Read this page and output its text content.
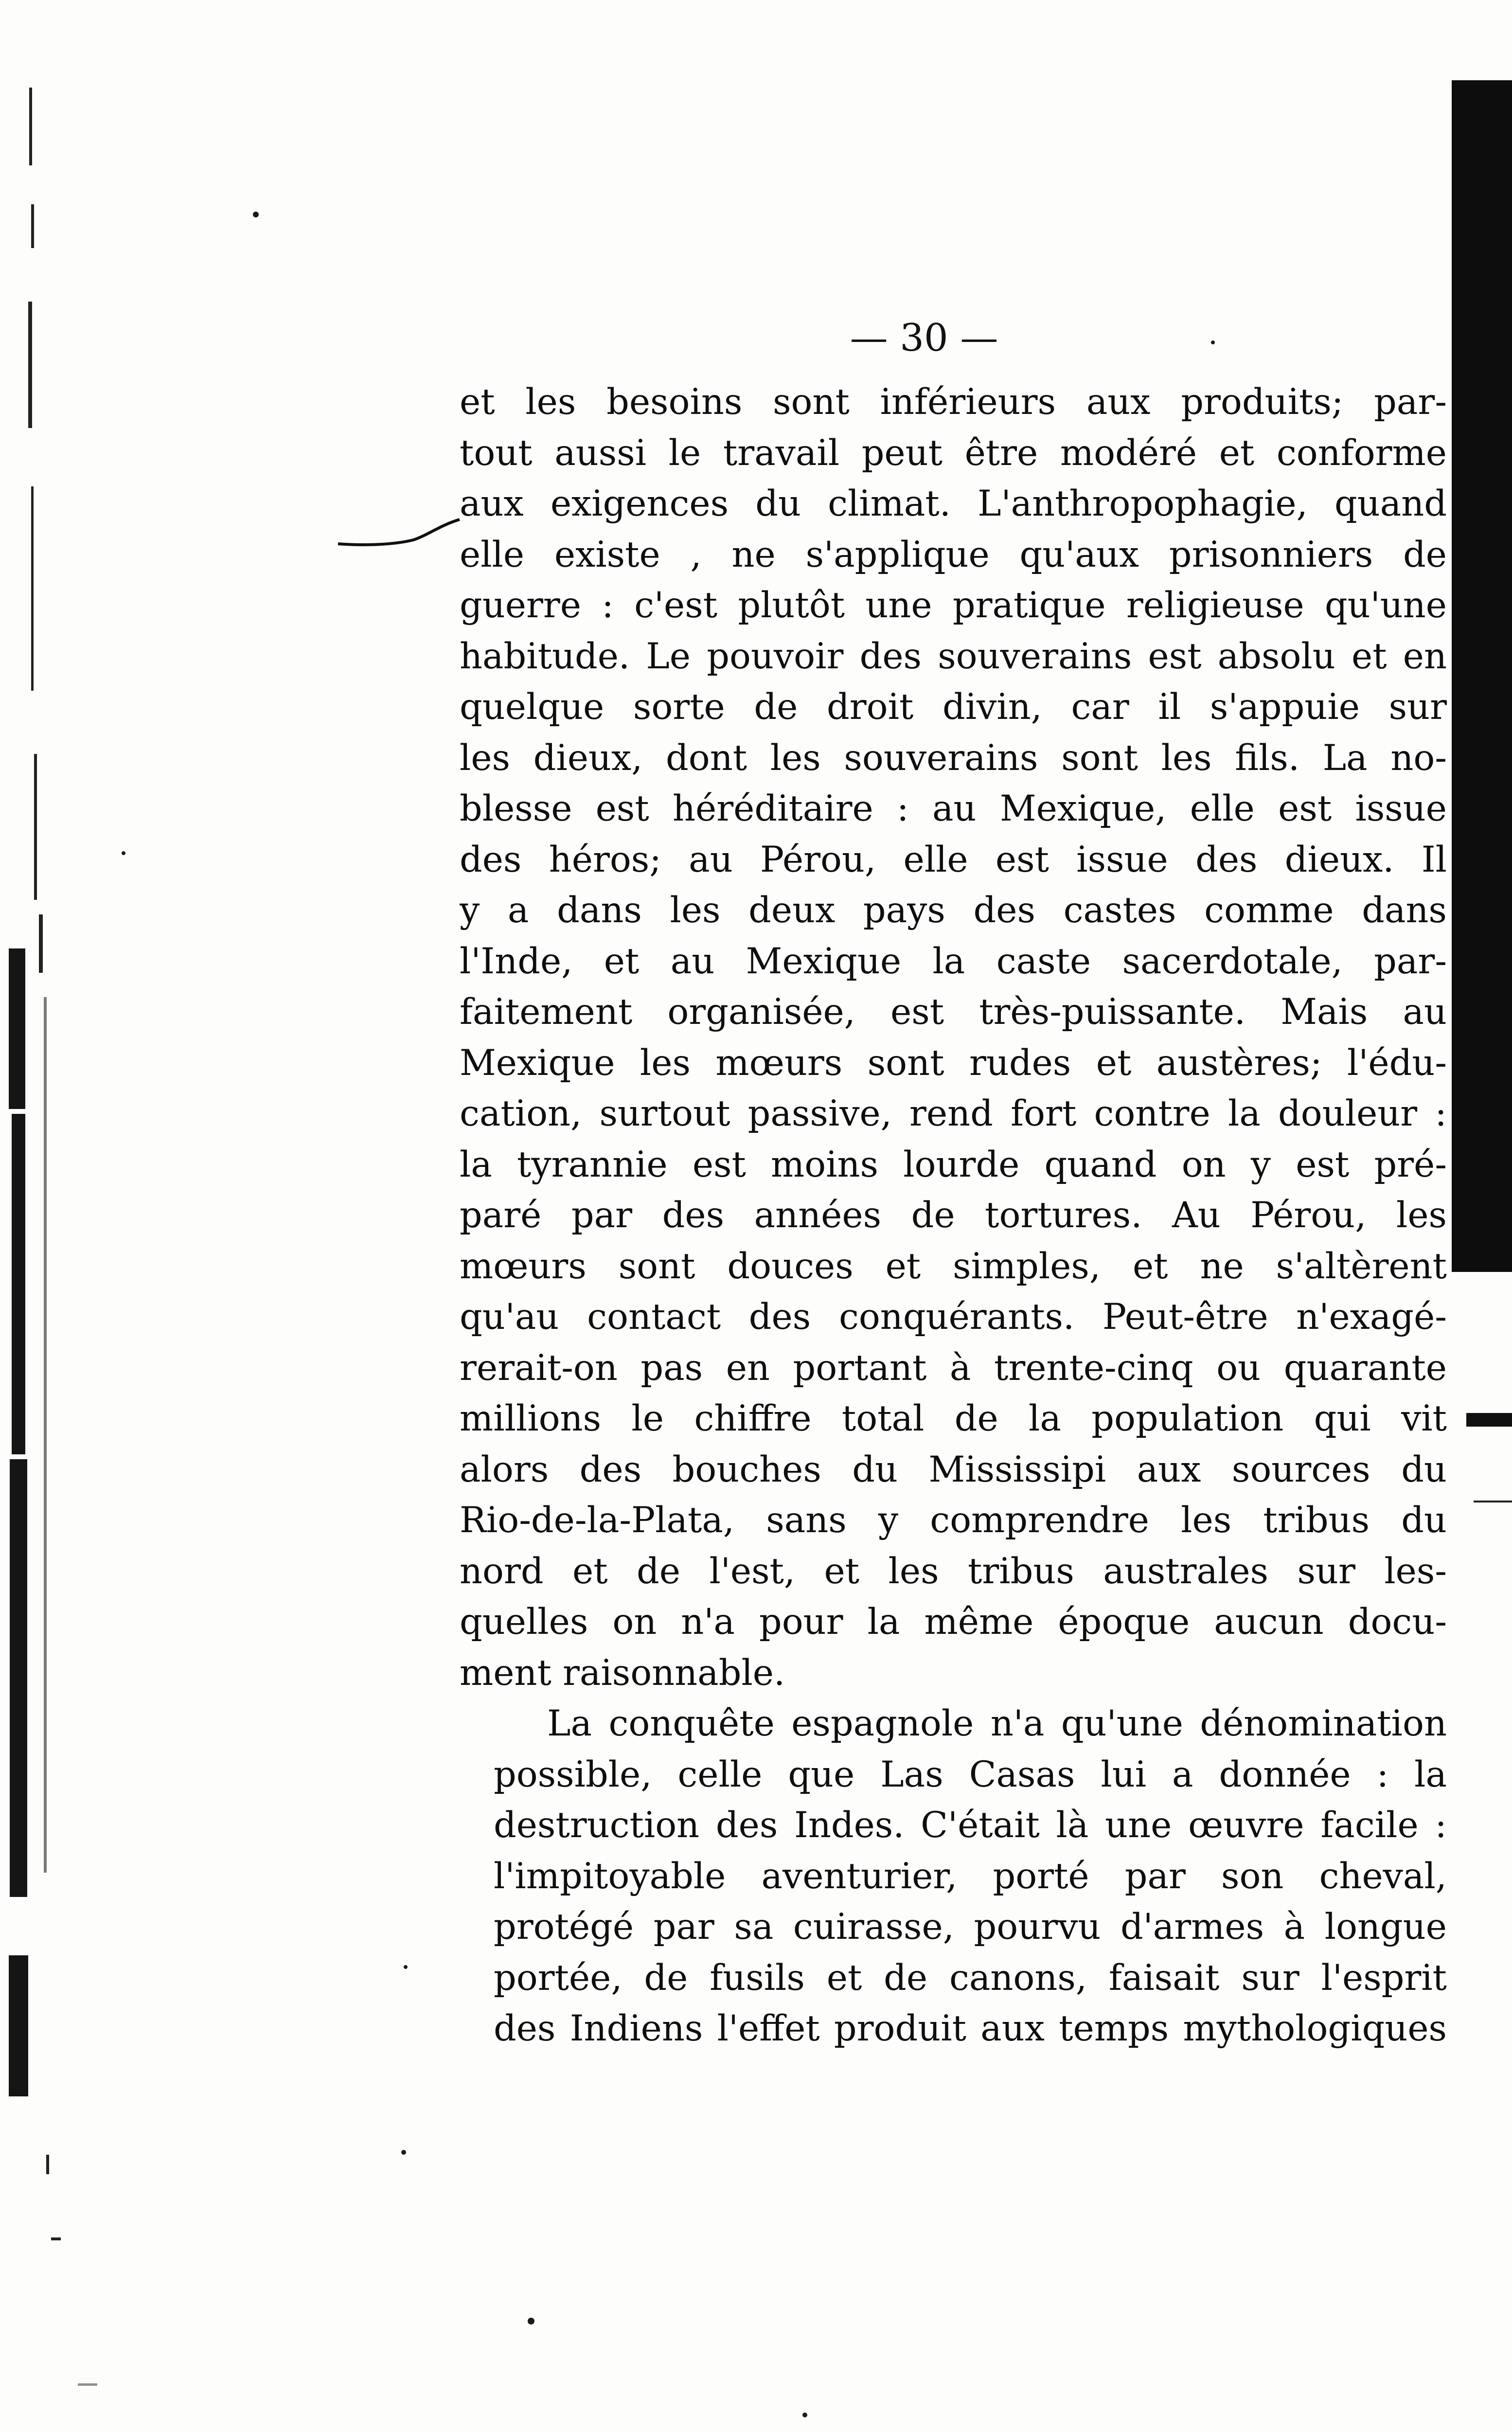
— 30 —
et les besoins sont inférieurs aux produits; par-
tout aussi le travail peut être modéré et conforme
aux exigences du climat. L'anthropophagie, quand
elle existe , ne s'applique qu'aux prisonniers de
guerre : c'est plutôt une pratique religieuse qu'une
habitude. Le pouvoir des souverains est absolu et en
quelque sorte de droit divin, car il s'appuie sur
les dieux, dont les souverains sont les fils. La no-
blesse est héréditaire : au Mexique, elle est issue
des héros; au Pérou, elle est issue des dieux. Il
y a dans les deux pays des castes comme dans
l'Inde, et au Mexique la caste sacerdotale, par-
faitement organisée, est très-puissante. Mais au
Mexique les mœurs sont rudes et austères; l'édu-
cation, surtout passive, rend fort contre la douleur :
la tyrannie est moins lourde quand on y est pré-
paré par des années de tortures. Au Pérou, les
mœurs sont douces et simples, et ne s'altèrent
qu'au contact des conquérants. Peut-être n'exagé-
rerait-on pas en portant à trente-cinq ou quarante
millions le chiffre total de la population qui vit
alors des bouches du Mississipi aux sources du
Rio-de-la-Plata, sans y comprendre les tribus du
nord et de l'est, et les tribus australes sur les-
quelles on n'a pour la même époque aucun docu-
ment raisonnable.
La conquête espagnole n'a qu'une dénomination
possible, celle que Las Casas lui a donnée : la
destruction des Indes. C'était là une œuvre facile :
l'impitoyable aventurier, porté par son cheval,
protégé par sa cuirasse, pourvu d'armes à longue
portée, de fusils et de canons, faisait sur l'esprit
des Indiens l'effet produit aux temps mythologiques
